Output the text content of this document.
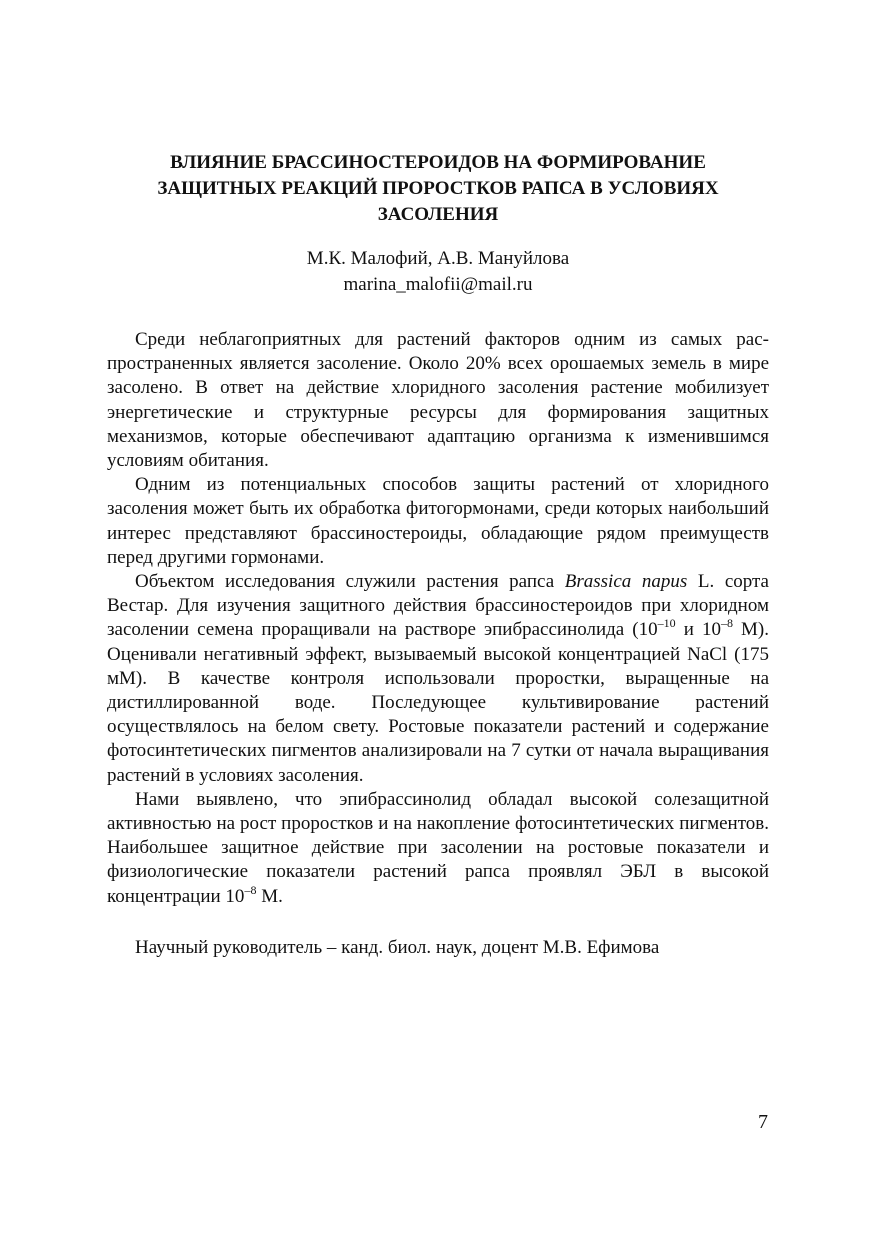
ВЛИЯНИЕ БРАССИНОСТЕРОИДОВ НА ФОРМИРОВАНИЕ
ЗАЩИТНЫХ РЕАКЦИЙ ПРОРОСТКОВ РАПСА В УСЛОВИЯХ
ЗАСОЛЕНИЯ
М.К. Малофий, А.В. Мануйлова
marina_malofii@mail.ru

Среди неблагоприятных для растений факторов одним из самых распространенных является засоление. Около 20% всех орошаемых земель в мире засолено. В ответ на действие хлоридного засоления растение мобилизует энергетические и структурные ресурсы для формирования защитных механизмов, которые обеспечивают адаптацию организма к изменившимся условиям обитания.

Одним из потенциальных способов защиты растений от хлоридного засоления может быть их обработка фитогормонами, среди которых наибольший интерес представляют брассиностероиды, обладающие рядом преимуществ перед другими гормонами.

Объектом исследования служили растения рапса Brassica napus L. сорта Вестар. Для изучения защитного действия брассиностероидов при хлоридном засолении семена проращивали на растворе эпибрассинолида ($10^{-10}$ и $10^{-8}$ М). Оценивали негативный эффект, вызываемый высокой концентрацией NaCl (175 мМ). В качестве контроля использовали проростки, выращенные на дистиллированной воде. Последующее культивирование растений осуществлялось на белом свету. Ростовые показатели растений и содержание фотосинтетических пигментов анализировали на 7 сутки от начала выращивания растений в условиях засоления.

Нами выявлено, что эпибрассинолид обладал высокой солезащитной активностью на рост проростков и на накопление фотосинтетических пигментов. Наибольшее защитное действие при засолении на ростовые показатели и физиологические показатели растений рапса проявлял ЭБЛ в высокой концентрации $10^{-8}$ М.

Научный руководитель – канд. биол. наук, доцент М.В. Ефимова
7
